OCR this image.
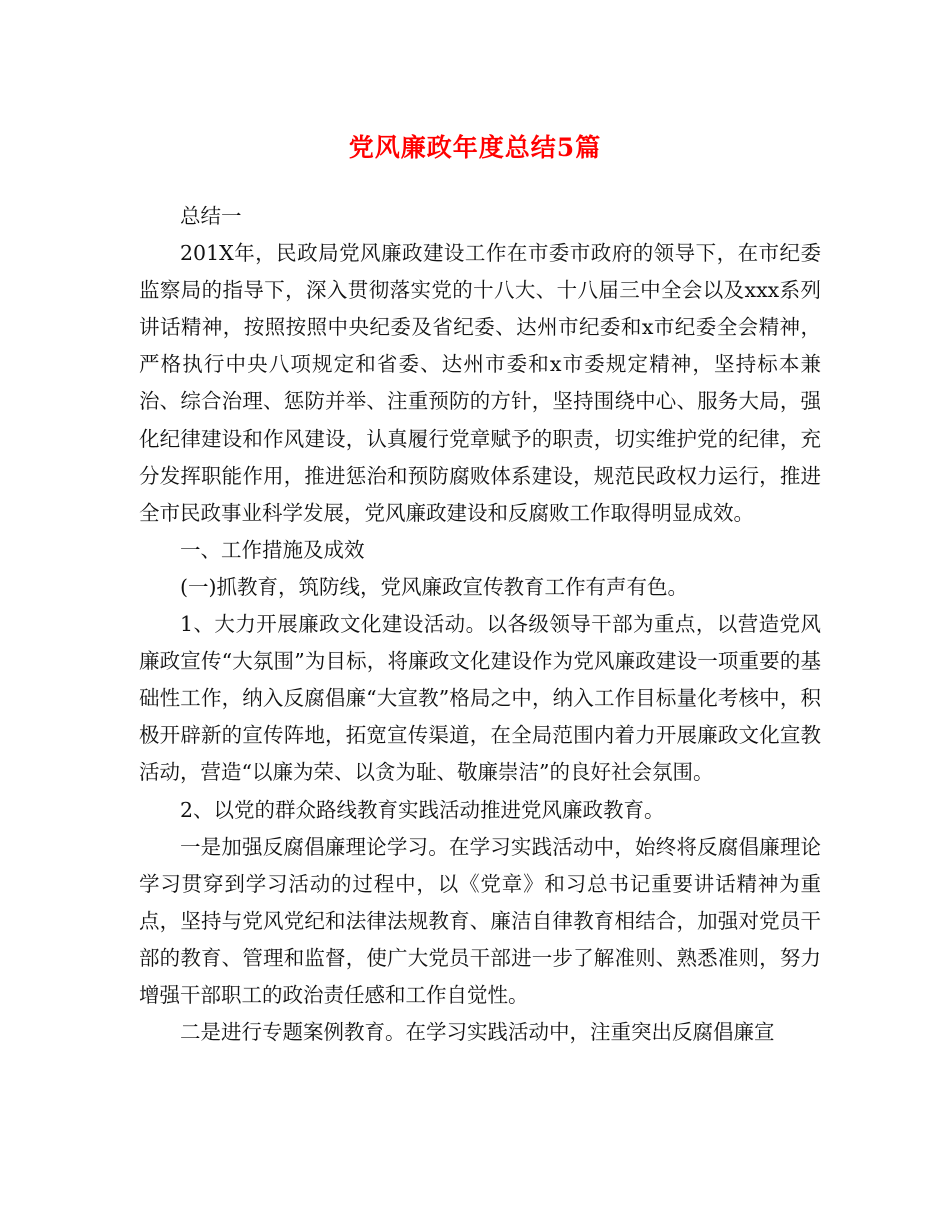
党风廉政年度总结5篇

总结一

201X年，民政局党风廉政建设工作在市委市政府的领导下，在市纪委监察局的指导下，深入贯彻落实党的十八大、十八届三中全会以及xxx系列讲话精神，按照按照中央纪委及省纪委、达州市纪委和x市纪委全会精神，严格执行中央八项规定和省委、达州市委和x市委规定精神，坚持标本兼治、综合治理、惩防并举、注重预防的方针，坚持围绕中心、服务大局，强化纪律建设和作风建设，认真履行党章赋予的职责，切实维护党的纪律，充分发挥职能作用，推进惩治和预防腐败体系建设，规范民政权力运行，推进全市民政事业科学发展，党风廉政建设和反腐败工作取得明显成效。

一、工作措施及成效

(一)抓教育，筑防线，党风廉政宣传教育工作有声有色。

1、大力开展廉政文化建设活动。以各级领导干部为重点，以营造党风廉政宣传“大氛围”为目标，将廉政文化建设作为党风廉政建设一项重要的基础性工作，纳入反腐倡廉“大宣教”格局之中，纳入工作目标量化考核中，积极开辟新的宣传阵地，拓宽宣传渠道，在全局范围内着力开展廉政文化宣教活动，营造“以廉为荣、以贪为耻、敬廉崇洁”的良好社会氛围。

2、以党的群众路线教育实践活动推进党风廉政教育。

一是加强反腐倡廉理论学习。在学习实践活动中，始终将反腐倡廉理论学习贯穿到学习活动的过程中，以《党章》和习总书记重要讲话精神为重点，坚持与党风党纪和法律法规教育、廉洁自律教育相结合，加强对党员干部的教育、管理和监督，使广大党员干部进一步了解准则、熟悉准则，努力增强干部职工的政治责任感和工作自觉性。

二是进行专题案例教育。在学习实践活动中，注重突出反腐倡廉宣
